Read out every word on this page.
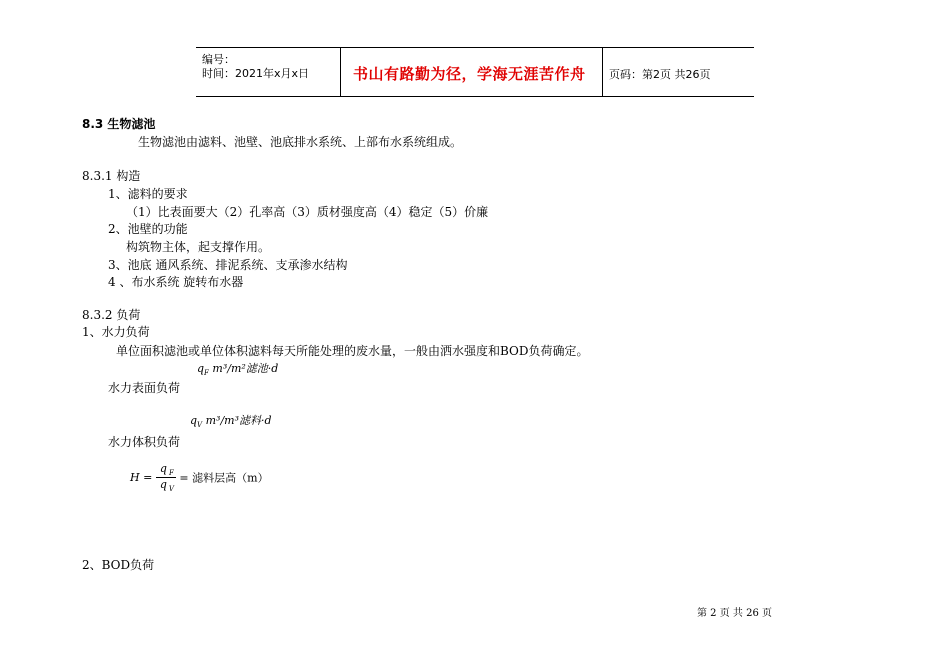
编号：
时间：2021年x月x日	书山有路勤为径，学海无涯苦作舟 页码：第2页 共26页
8.3 生物滤池
生物滤池由滤料、池壁、池底排水系统、上部布水系统组成。
8.3.1 构造
1、滤料的要求
（1）比表面要大（2）孔率高（3）质材强度高（4）稳定（5）价廉
2、池壁的功能
构筑物主体，起支撑作用。
3、池底 通风系统、排泥系统、支承渗水结构
4 、布水系统 旋转布水器
8.3.2 负荷
1、水力负荷
单位面积滤池或单位体积滤料每天所能处理的废水量，一般由洒水强度和BOD负荷确定。
$q_F$ m³/m²滤池·d
水力表面负荷
$q_V$ m³/m³滤料·d
水力体积负荷
$H = \frac{q _F}{q _V}$ = 滤料层高（m）
2、BOD负荷
第 2 页 共 26 页
